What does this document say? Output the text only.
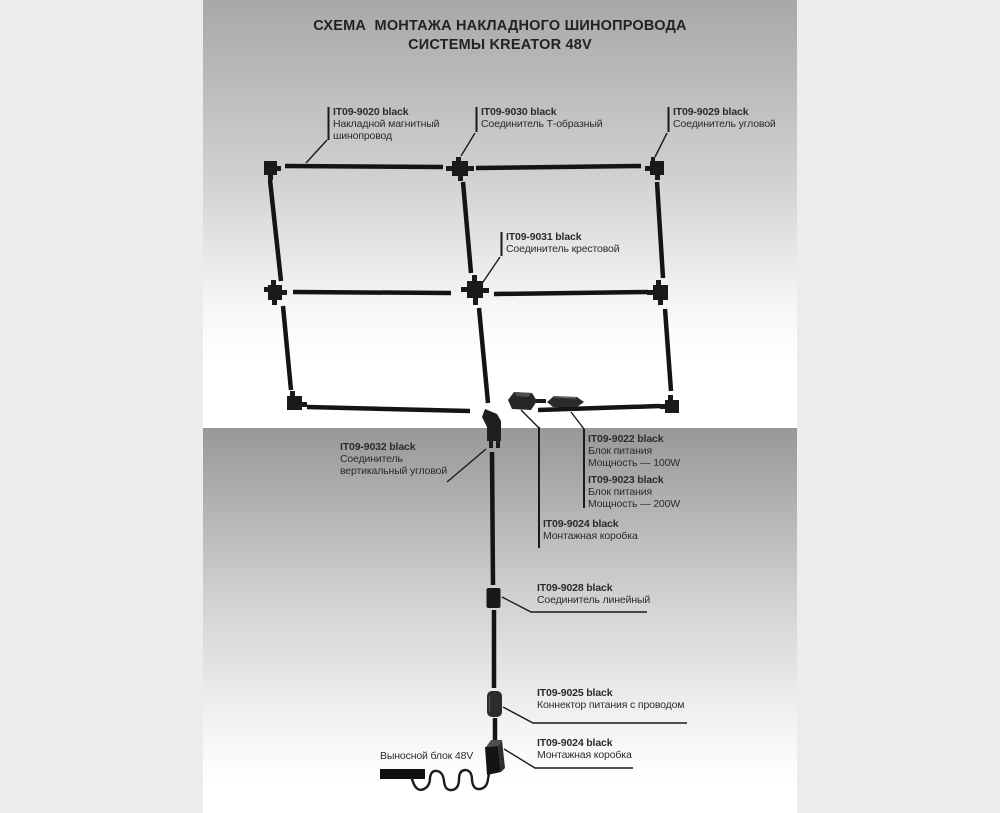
СХЕМА  МОНТАЖА НАКЛАДНОГО ШИНОПРОВОДА
СИСТЕМЫ KREATOR 48V
IT09-9020 black
Накладной магнитный
шинопровод
IT09-9030 black
Соединитель Т-образный
IT09-9029 black
Соединитель угловой
IT09-9031 black
Соединитель крестовой
IT09-9032 black
Соединитель
вертикальный угловой
IT09-9022 black
Блок питания
Мощность — 100W
IT09-9023 black
Блок питания
Мощность — 200W
IT09-9024 black
Монтажная коробка
IT09-9028 black
Соединитель линейный
IT09-9025 black
Коннектор питания с проводом
IT09-9024 black
Монтажная коробка
Выносной блок 48V
